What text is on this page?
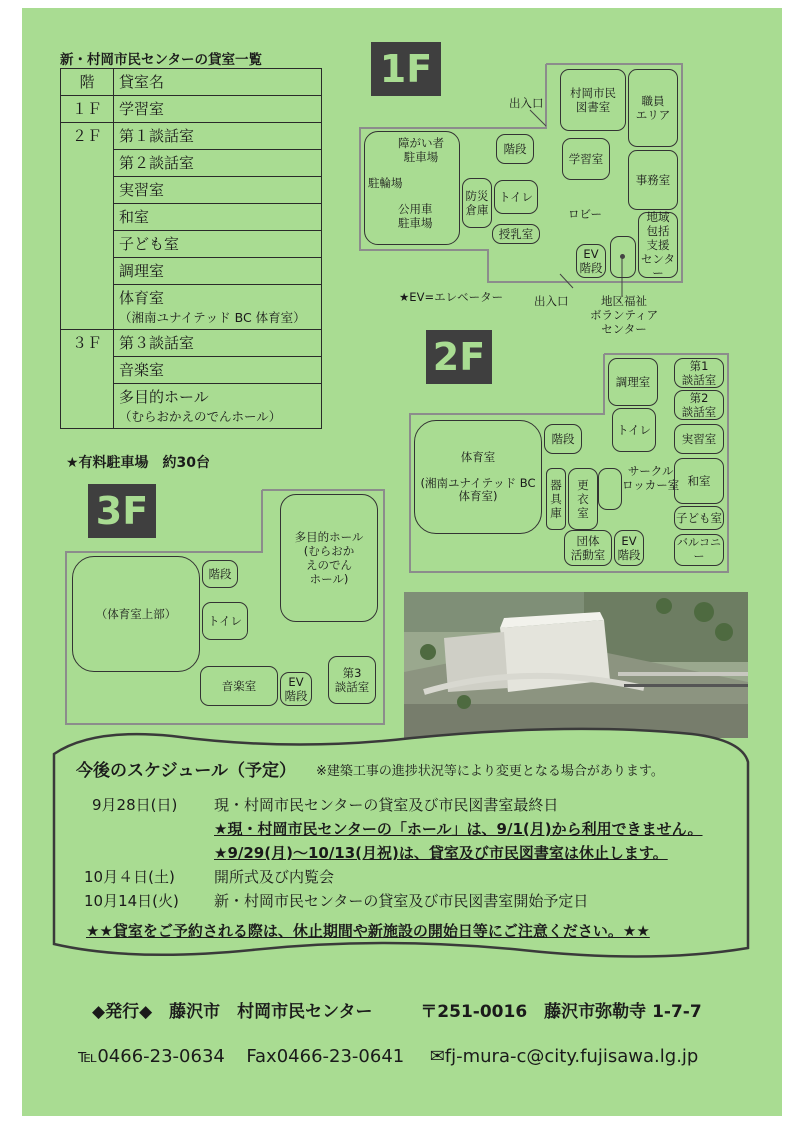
新・村岡市民センターの貸室一覧
階	貸室名
１Ｆ	学習室
２Ｆ	第１談話室
	第２談話室
	実習室
	和室
	子ども室
	調理室
	体育室
（湘南ユナイテッド BC 体育室）

３Ｆ	第３談話室
	音楽室
	多目的ホール
（むらおかえのでんホール）
★有料駐車場　約30台
1F
出入口
村岡市民
図書室	職員
エリア
障がい者
駐車場
駐輪場
公用車
駐車場
階段
学習室
事務室
防災
倉庫
トイレ
ロビー
授乳室
EV
階段
地域
包括
支援
センター
★EV=エレベーター	出入口	地区福祉
ボランティア
センター
2F
調理室
第1
談話室
第2
談話室
トイレ
実習室
階段
体育室

(湘南ユナイテッド BC
体育室)
器
具
庫
更
衣
室
サークル
ロッカー室 和室
子ども室
団体
活動室
EV
階段
バルコニー
3F
多目的ホール
(むらおか
えのでん
ホール)
（体育室上部）
階段
トイレ
音楽室	EV
階段
第3
談話室
今後のスケジュール（予定） ※建築工事の進捗状況等により変更となる場合があります。
9月28日(日) 現・村岡市民センターの貸室及び市民図書室最終日
★現・村岡市民センターの「ホール」は、9/1(月)から利用できません。
★9/29(月)～10/13(月祝)は、貸室及び市民図書室は休止します。
10月４日(土)	開所式及び内覧会
10月14日(火) 新・村岡市民センターの貸室及び市民図書室開始予定日
★★貸室をご予約される際は、休止期間や新施設の開始日等にご注意ください。★★
◆発行◆　藤沢市　村岡市民センター	〒251-0016　藤沢市弥勒寺 1-7-7
℡0466-23-0634 Fax0466-23-0641 ✉fj-mura-c@city.fujisawa.lg.jp
